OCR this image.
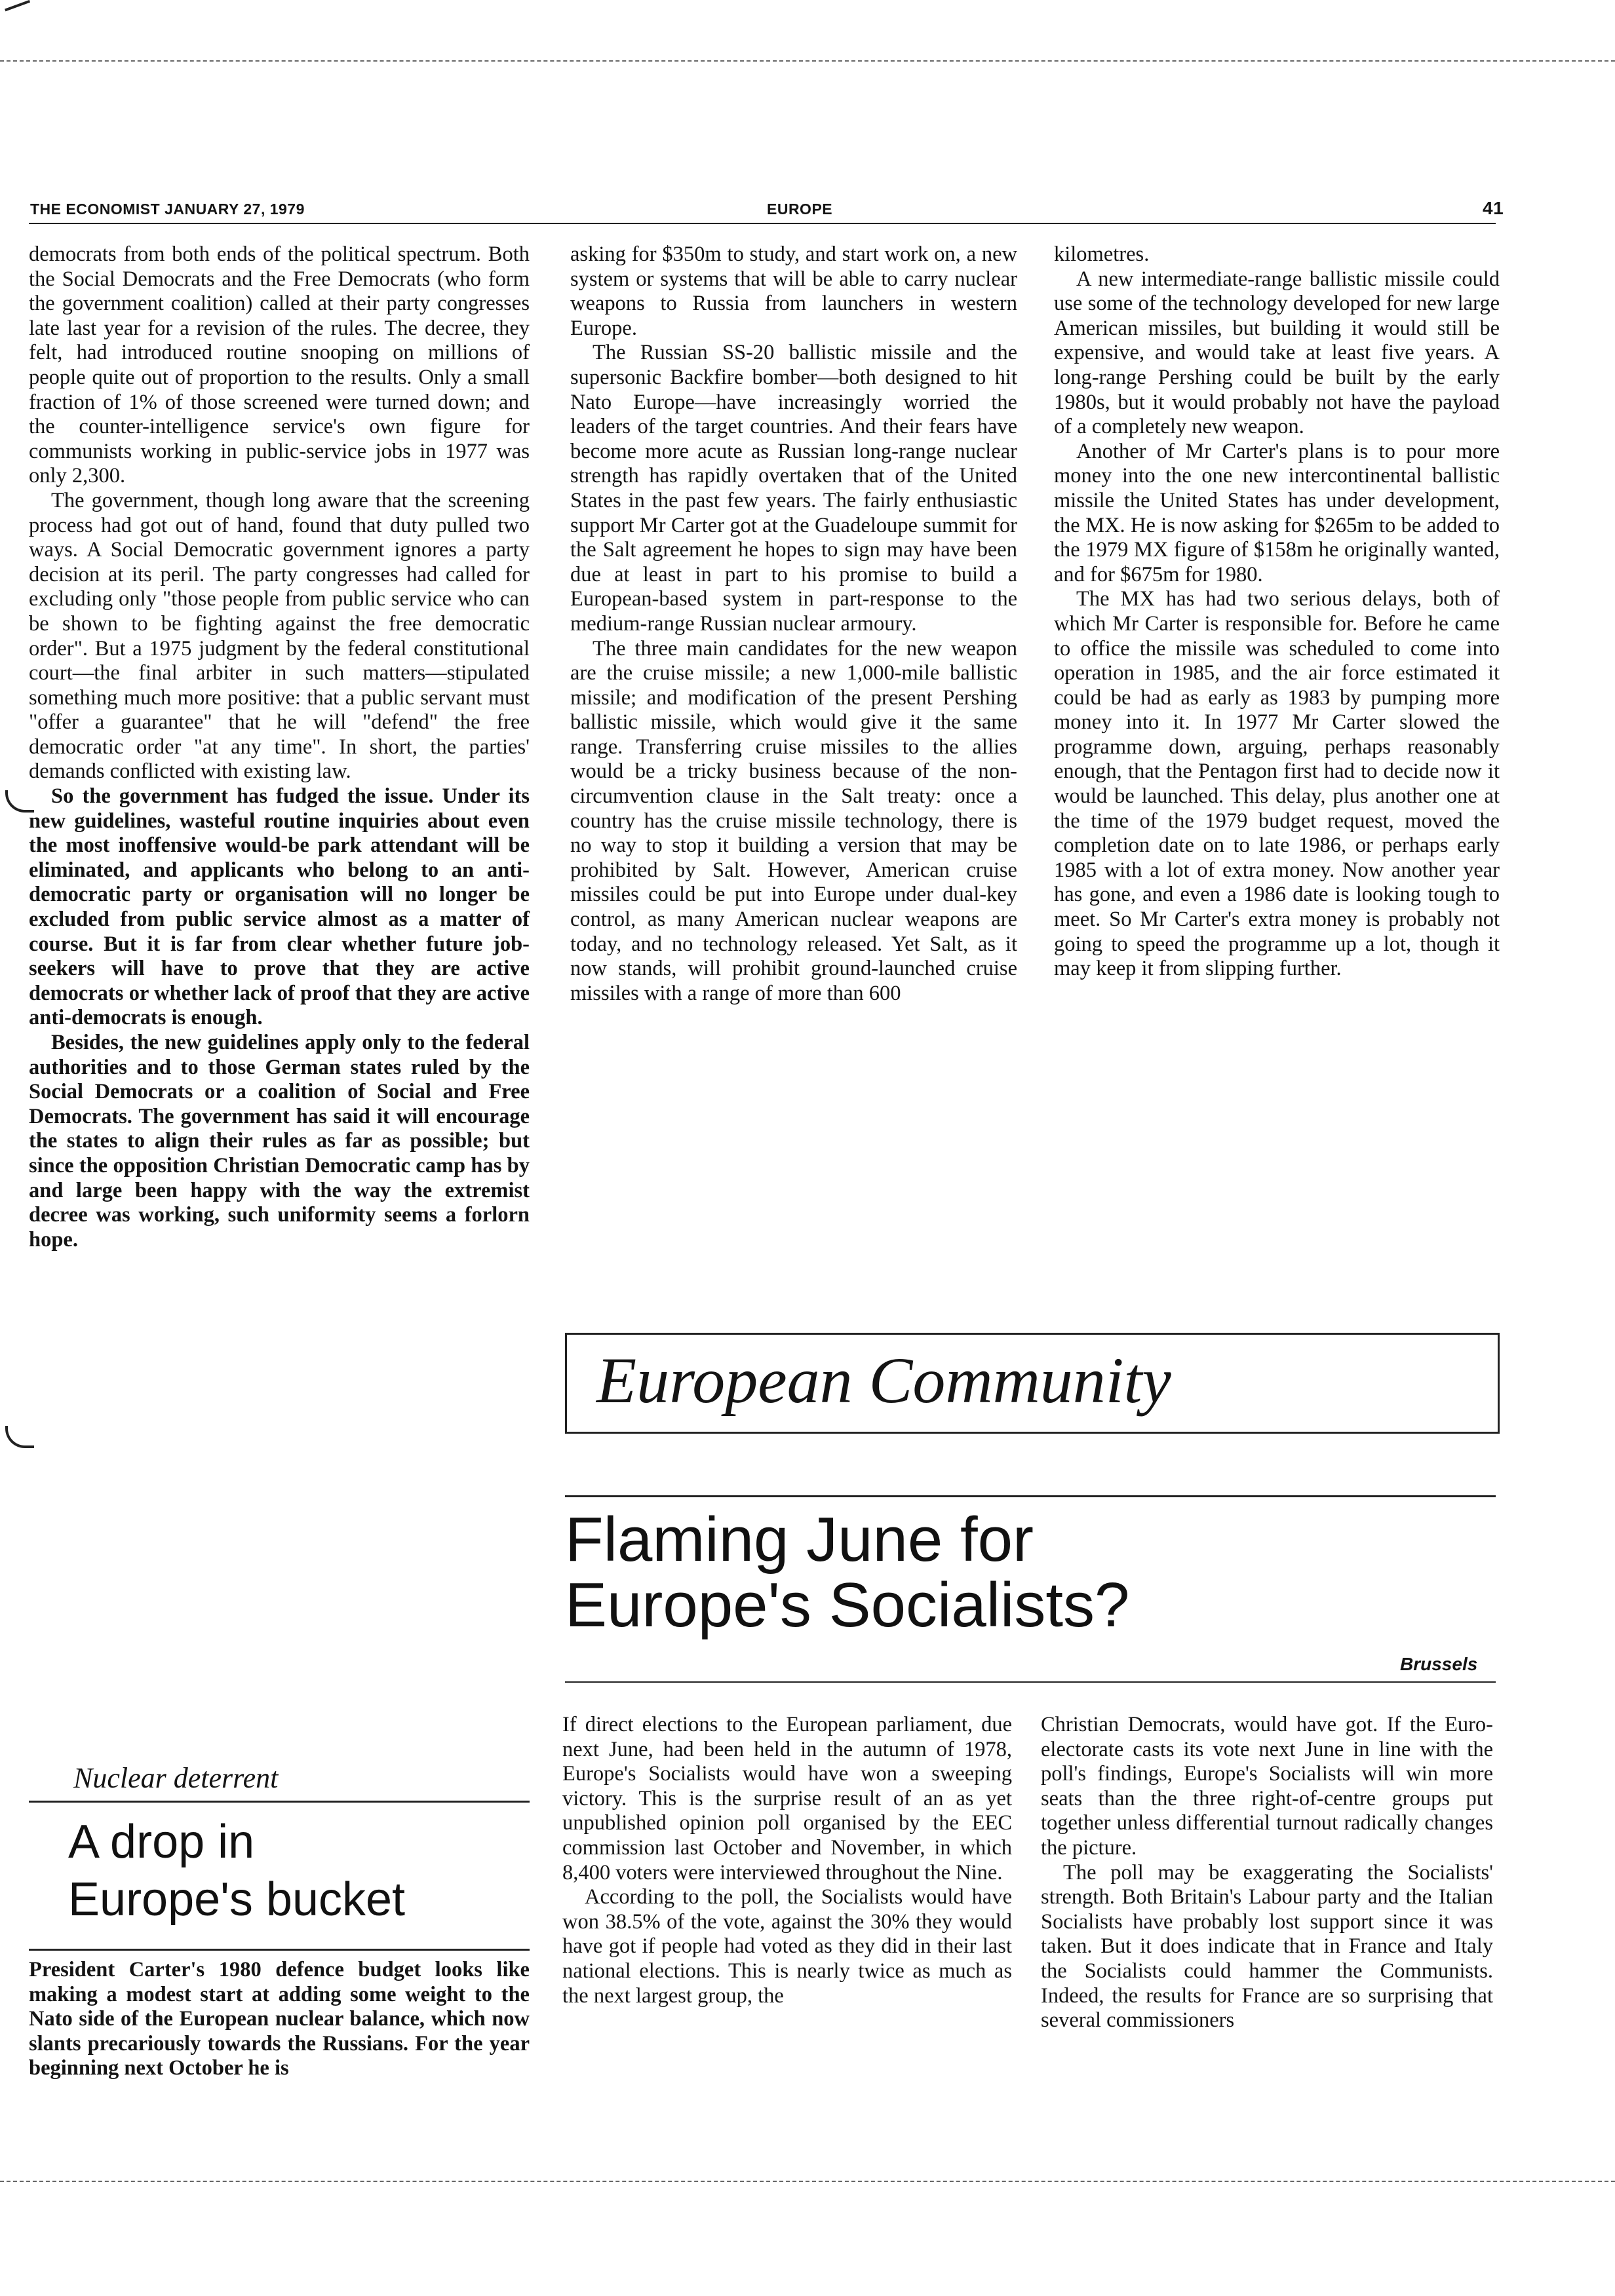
THE ECONOMIST JANUARY 27, 1979	EUROPE	41

democrats from both ends of the political spectrum. Both the Social Democrats and the Free Democrats (who form the government coalition) called at their party congresses late last year for a revision of the rules. The decree, they felt, had introduced routine snooping on millions of people quite out of proportion to the results. Only a small fraction of 1% of those screened were turned down; and the counter-intelligence service's own figure for communists working in public-service jobs in 1977 was only 2,300.

The government, though long aware that the screening process had got out of hand, found that duty pulled two ways. A Social Democratic government ignores a party decision at its peril. The party congresses had called for excluding only "those people from public service who can be shown to be fighting against the free democratic order". But a 1975 judgment by the federal constitutional court—the final arbiter in such matters—stipulated something much more positive: that a public servant must "offer a guarantee" that he will "defend" the free democratic order "at any time". In short, the parties' demands conflicted with existing law.

So the government has fudged the issue. Under its new guidelines, wasteful routine inquiries about even the most inoffensive would-be park attendant will be eliminated, and applicants who belong to an anti-democratic party or organisation will no longer be excluded from public service almost as a matter of course. But it is far from clear whether future job-seekers will have to prove that they are active democrats or whether lack of proof that they are active anti-democrats is enough.

Besides, the new guidelines apply only to the federal authorities and to those German states ruled by the Social Democrats or a coalition of Social and Free Democrats. The government has said it will encourage the states to align their rules as far as possible; but since the opposition Christian Democratic camp has by and large been happy with the way the extremist decree was working, such uniformity seems a forlorn hope.

Nuclear deterrent
A drop in
Europe's bucket

President Carter's 1980 defence budget looks like making a modest start at adding some weight to the Nato side of the European nuclear balance, which now slants precariously towards the Russians. For the year beginning next October he is

asking for $350m to study, and start work on, a new system or systems that will be able to carry nuclear weapons to Russia from launchers in western Europe.

The Russian SS-20 ballistic missile and the supersonic Backfire bomber—both designed to hit Nato Europe—have increasingly worried the leaders of the target countries. And their fears have become more acute as Russian long-range nuclear strength has rapidly overtaken that of the United States in the past few years. The fairly enthusiastic support Mr Carter got at the Guadeloupe summit for the Salt agreement he hopes to sign may have been due at least in part to his promise to build a European-based system in part-response to the medium-range Russian nuclear armoury.

The three main candidates for the new weapon are the cruise missile; a new 1,000-mile ballistic missile; and modification of the present Pershing ballistic missile, which would give it the same range. Transferring cruise missiles to the allies would be a tricky business because of the non-circumvention clause in the Salt treaty: once a country has the cruise missile technology, there is no way to stop it building a version that may be prohibited by Salt. However, American cruise missiles could be put into Europe under dual-key control, as many American nuclear weapons are today, and no technology released. Yet Salt, as it now stands, will prohibit ground-launched cruise missiles with a range of more than 600

kilometres.

A new intermediate-range ballistic missile could use some of the technology developed for new large American missiles, but building it would still be expensive, and would take at least five years. A long-range Pershing could be built by the early 1980s, but it would probably not have the payload of a completely new weapon.

Another of Mr Carter's plans is to pour more money into the one new intercontinental ballistic missile the United States has under development, the MX. He is now asking for $265m to be added to the 1979 MX figure of $158m he originally wanted, and for $675m for 1980.

The MX has had two serious delays, both of which Mr Carter is responsible for. Before he came to office the missile was scheduled to come into operation in 1985, and the air force estimated it could be had as early as 1983 by pumping more money into it. In 1977 Mr Carter slowed the programme down, arguing, perhaps reasonably enough, that the Pentagon first had to decide now it would be launched. This delay, plus another one at the time of the 1979 budget request, moved the completion date on to late 1986, or perhaps early 1985 with a lot of extra money. Now another year has gone, and even a 1986 date is looking tough to meet. So Mr Carter's extra money is probably not going to speed the programme up a lot, though it may keep it from slipping further.

European Community
Flaming June for
Europe's Socialists?
Brussels

If direct elections to the European parliament, due next June, had been held in the autumn of 1978, Europe's Socialists would have won a sweeping victory. This is the surprise result of an as yet unpublished opinion poll organised by the EEC commission last October and November, in which 8,400 voters were interviewed throughout the Nine.

According to the poll, the Socialists would have won 38.5% of the vote, against the 30% they would have got if people had voted as they did in their last national elections. This is nearly twice as much as the next largest group, the

Christian Democrats, would have got. If the Euro-electorate casts its vote next June in line with the poll's findings, Europe's Socialists will win more seats than the three right-of-centre groups put together unless differential turnout radically changes the picture.

The poll may be exaggerating the Socialists' strength. Both Britain's Labour party and the Italian Socialists have probably lost support since it was taken. But it does indicate that in France and Italy the Socialists could hammer the Communists. Indeed, the results for France are so surprising that several commissioners
